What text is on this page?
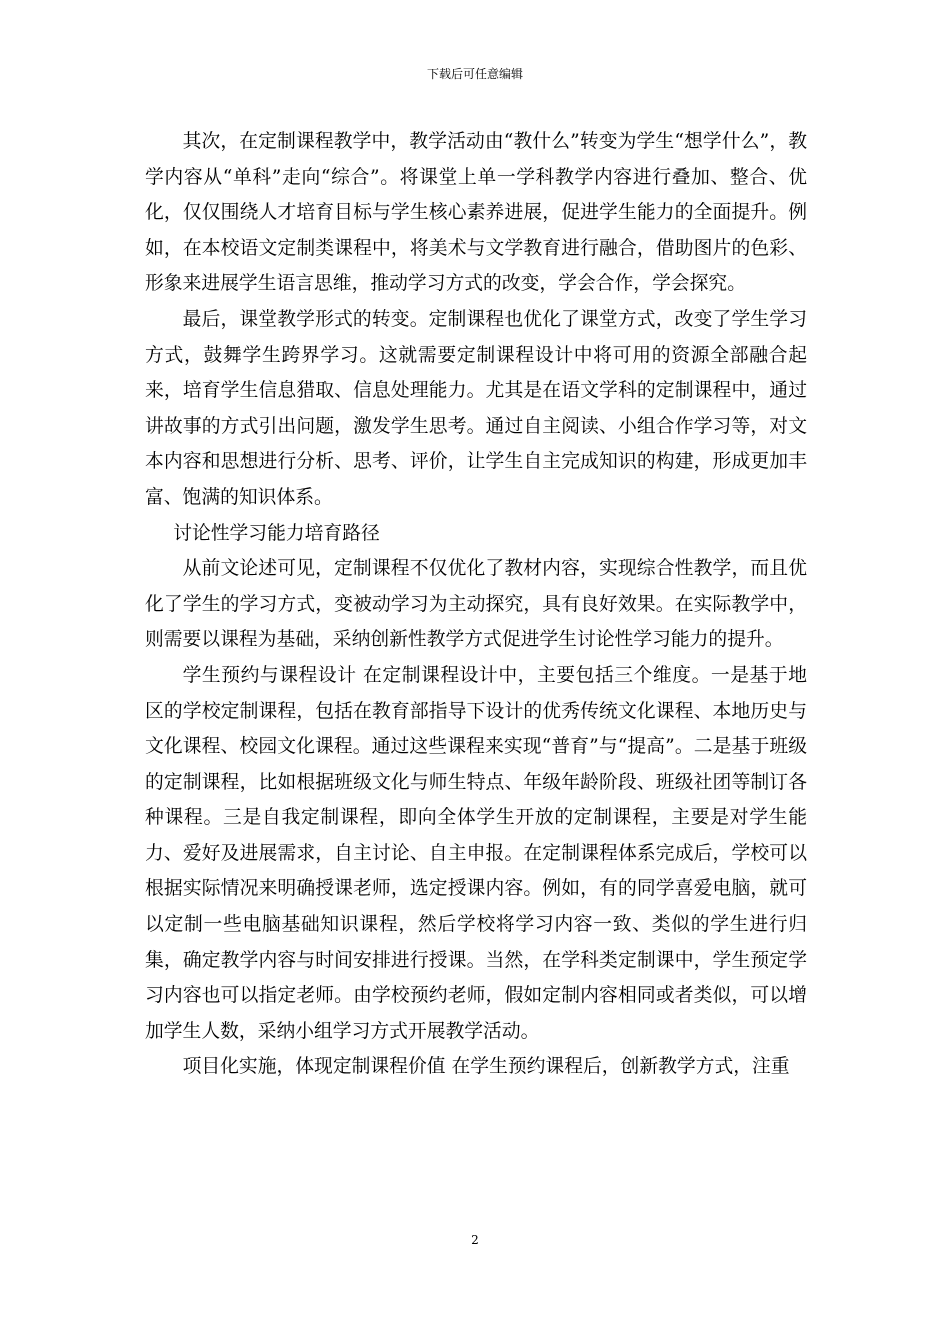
下载后可任意编辑

其次，在定制课程教学中，教学活动由“教什么”转变为学生“想学什么”，教学内容从“单科”走向“综合”。将课堂上单一学科教学内容进行叠加、整合、优化，仅仅围绕人才培育目标与学生核心素养进展，促进学生能力的全面提升。例如，在本校语文定制类课程中，将美术与文学教育进行融合，借助图片的色彩、形象来进展学生语言思维，推动学习方式的改变，学会合作，学会探究。

最后，课堂教学形式的转变。定制课程也优化了课堂方式，改变了学生学习方式，鼓舞学生跨界学习。这就需要定制课程设计中将可用的资源全部融合起来，培育学生信息猎取、信息处理能力。尤其是在语文学科的定制课程中，通过讲故事的方式引出问题，激发学生思考。通过自主阅读、小组合作学习等，对文本内容和思想进行分析、思考、评价，让学生自主完成知识的构建，形成更加丰富、饱满的知识体系。

讨论性学习能力培育路径

从前文论述可见，定制课程不仅优化了教材内容，实现综合性教学，而且优化了学生的学习方式，变被动学习为主动探究，具有良好效果。在实际教学中，则需要以课程为基础，采纳创新性教学方式促进学生讨论性学习能力的提升。

学生预约与课程设计 在定制课程设计中，主要包括三个维度。一是基于地区的学校定制课程，包括在教育部指导下设计的优秀传统文化课程、本地历史与文化课程、校园文化课程。通过这些课程来实现“普育”与“提高”。二是基于班级的定制课程，比如根据班级文化与师生特点、年级年龄阶段、班级社团等制订各种课程。三是自我定制课程，即向全体学生开放的定制课程，主要是对学生能力、爱好及进展需求，自主讨论、自主申报。在定制课程体系完成后，学校可以根据实际情况来明确授课老师，选定授课内容。例如，有的同学喜爱电脑，就可以定制一些电脑基础知识课程，然后学校将学习内容一致、类似的学生进行归集，确定教学内容与时间安排进行授课。当然，在学科类定制课中，学生预定学习内容也可以指定老师。由学校预约老师，假如定制内容相同或者类似，可以增加学生人数，采纳小组学习方式开展教学活动。

项目化实施，体现定制课程价值 在学生预约课程后，创新教学方式，注重

2
